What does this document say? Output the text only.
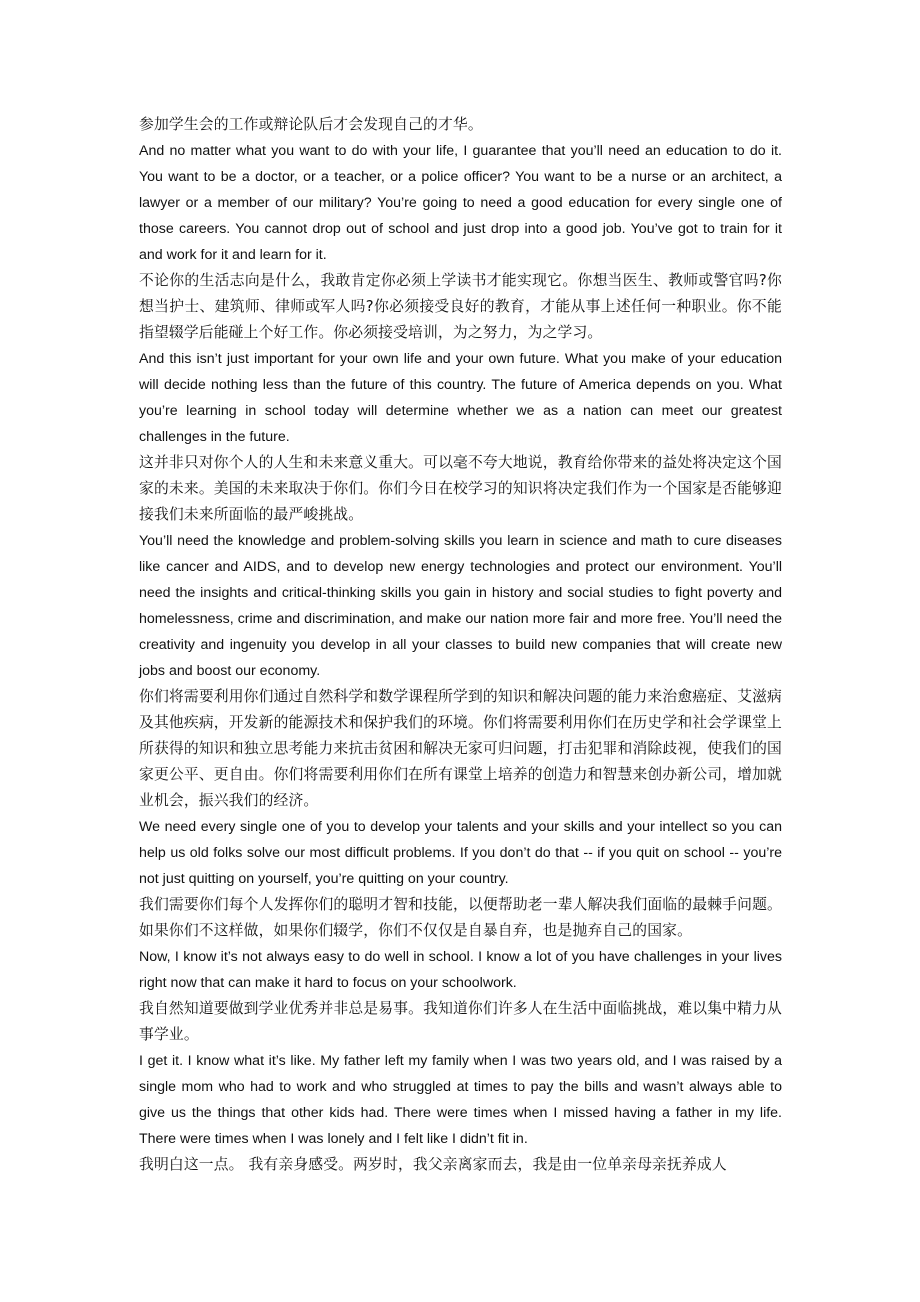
参加学生会的工作或辩论队后才会发现自己的才华。

And no matter what you want to do with your life, I guarantee that you’ll need an education to do it. You want to be a doctor, or a teacher, or a police officer? You want to be a nurse or an architect, a lawyer or a member of our military? You’re going to need a good education for every single one of those careers. You cannot drop out of school and just drop into a good job. You’ve got to train for it and work for it and learn for it.

不论你的生活志向是什么，我敢肯定你必须上学读书才能实现它。你想当医生、教师或警官吗?你想当护士、建筑师、律师或军人吗?你必须接受良好的教育，才能从事上述任何一种职业。你不能指望辍学后能碰上个好工作。你必须接受培训，为之努力，为之学习。

And this isn’t just important for your own life and your own future. What you make of your education will decide nothing less than the future of this country. The future of America depends on you. What you’re learning in school today will determine whether we as a nation can meet our greatest challenges in the future.

这并非只对你个人的人生和未来意义重大。可以毫不夸大地说，教育给你带来的益处将决定这个国家的未来。美国的未来取决于你们。你们今日在校学习的知识将决定我们作为一个国家是否能够迎接我们未来所面临的最严峻挑战。

You’ll need the knowledge and problem-solving skills you learn in science and math to cure diseases like cancer and AIDS, and to develop new energy technologies and protect our environment. You’ll need the insights and critical-thinking skills you gain in history and social studies to fight poverty and homelessness, crime and discrimination, and make our nation more fair and more free. You’ll need the creativity and ingenuity you develop in all your classes to build new companies that will create new jobs and boost our economy.

你们将需要利用你们通过自然科学和数学课程所学到的知识和解决问题的能力来治愈癌症、艾滋病及其他疾病，开发新的能源技术和保护我们的环境。你们将需要利用你们在历史学和社会学课堂上所获得的知识和独立思考能力来抗击贫困和解决无家可归问题，打击犯罪和消除歧视，使我们的国家更公平、更自由。你们将需要利用你们在所有课堂上培养的创造力和智慧来创办新公司，增加就业机会，振兴我们的经济。

We need every single one of you to develop your talents and your skills and your intellect so you can help us old folks solve our most difficult problems. If you don’t do that -- if you quit on school -- you’re not just quitting on yourself, you’re quitting on your country.

我们需要你们每个人发挥你们的聪明才智和技能，以便帮助老一辈人解决我们面临的最棘手问题。如果你们不这样做，如果你们辍学，你们不仅仅是自暴自弃，也是抛弃自己的国家。

Now, I know it’s not always easy to do well in school. I know a lot of you have challenges in your lives right now that can make it hard to focus on your schoolwork.

我自然知道要做到学业优秀并非总是易事。我知道你们许多人在生活中面临挑战，难以集中精力从事学业。

I get it. I know what it’s like. My father left my family when I was two years old, and I was raised by a single mom who had to work and who struggled at times to pay the bills and wasn’t always able to give us the things that other kids had. There were times when I missed having a father in my life. There were times when I was lonely and I felt like I didn’t fit in.

我明白这一点。 我有亲身感受。两岁时，我父亲离家而去，我是由一位单亲母亲抚养成人
